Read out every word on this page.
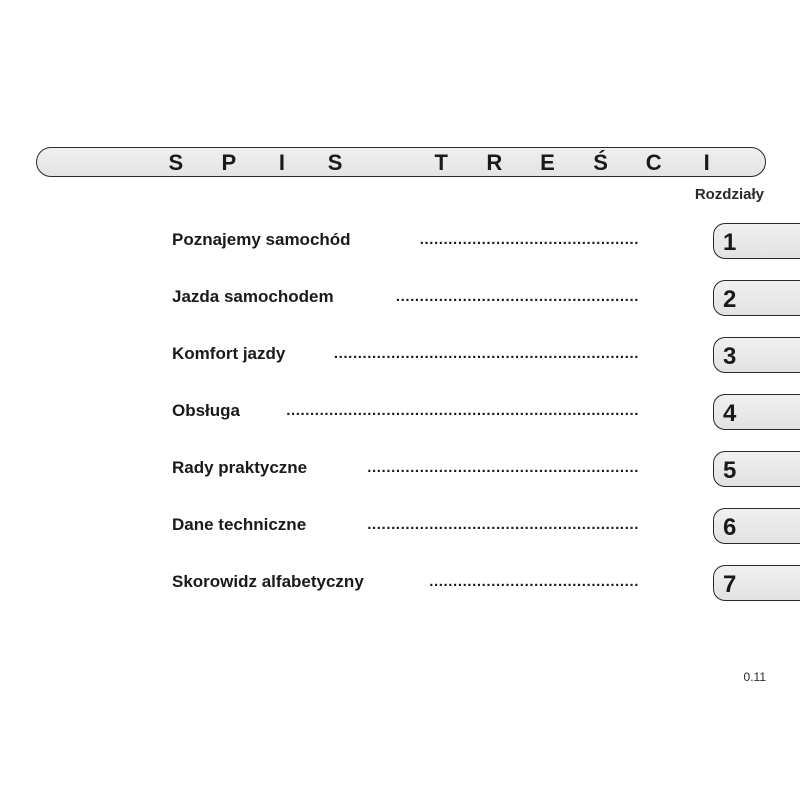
S P	I	S	T R E Ś C	I
Rozdziały
Poznajemy samochód	..............................................	1
Jazda samochodem	...................................................	2
Komfort jazdy	................................................................	3
Obsługa	..........................................................................	4
Rady praktyczne	.........................................................	5
Dane techniczne	.........................................................	6
Skorowidz alfabetyczny	............................................	7
0.11
